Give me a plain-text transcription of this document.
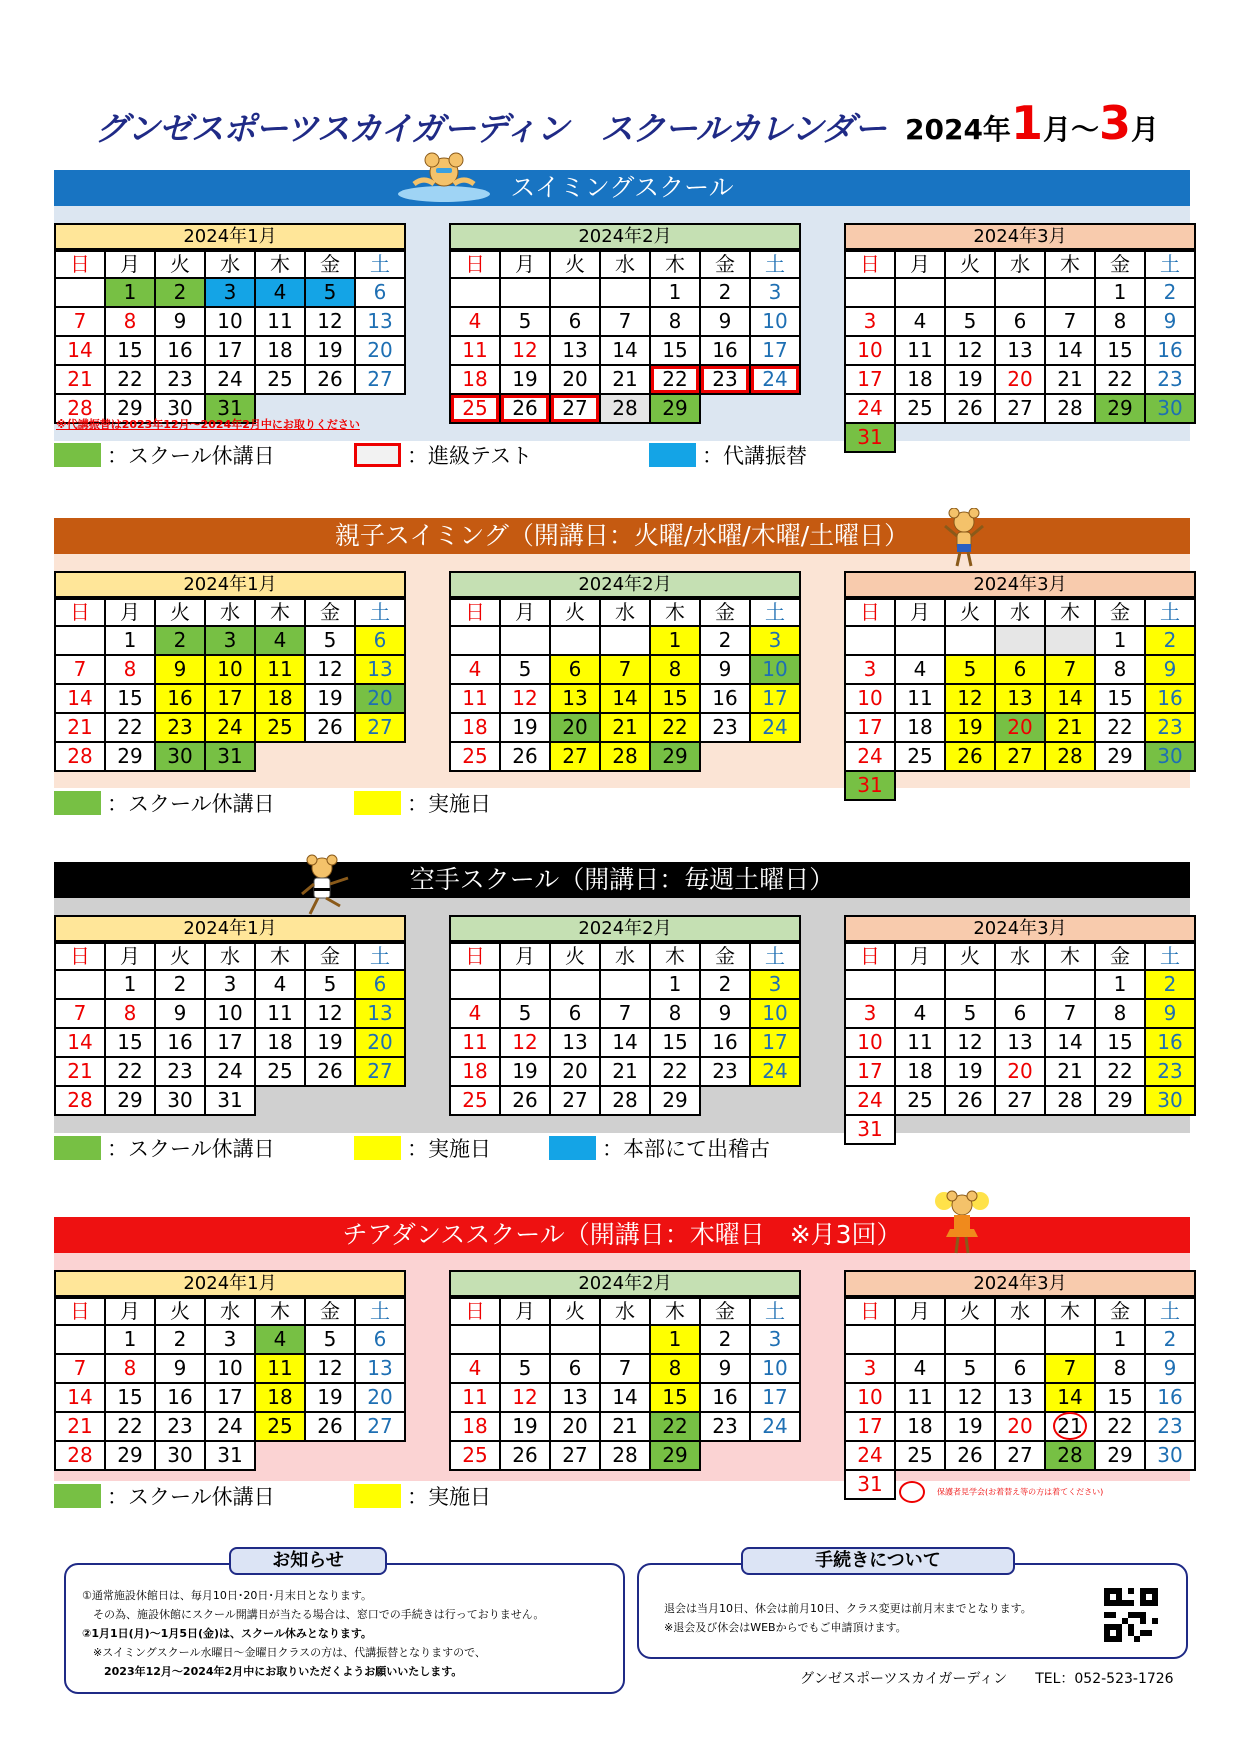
グンゼスポーツスカイガーディン　スクールカレンダー 2024年1月～3月
スイミングスクール
2024年1月
日	月	火	水	木	金	土
	1	2	3	4	5	6
7	8	9	10	11	12	13
14	15	16	17	18	19	20
21	22	23	24	25	26	27
28	29	30	31			
2024年2月
日	月	火	水	木	金	土
				1	2	3
4	5	6	7	8	9	10
11	12	13	14	15	16	17
18	19	20	21	22	23	24
25	26	27	28	29		
2024年3月
日	月	火	水	木	金	土
					1	2
3	4	5	6	7	8	9
10	11	12	13	14	15	16
17	18	19	20	21	22	23
24	25	26	27	28	29	30
31						
※代講振替は2023年12月～2024年2月中にお取りください
：スクール休講日	：進級テスト	：代講振替
親子スイミング（開講日：火曜/水曜/木曜/土曜日）
2024年1月
日	月	火	水	木	金	土
	1	2	3	4	5	6
7	8	9	10	11	12	13
14	15	16	17	18	19	20
21	22	23	24	25	26	27
28	29	30	31			
2024年2月
日	月	火	水	木	金	土
				1	2	3
4	5	6	7	8	9	10
11	12	13	14	15	16	17
18	19	20	21	22	23	24
25	26	27	28	29		
2024年3月
日	月	火	水	木	金	土
					1	2
3	4	5	6	7	8	9
10	11	12	13	14	15	16
17	18	19	20	21	22	23
24	25	26	27	28	29	30
31						
：スクール休講日	：実施日
空手スクール（開講日：毎週土曜日）
2024年1月
日	月	火	水	木	金	土
	1	2	3	4	5	6
7	8	9	10	11	12	13
14	15	16	17	18	19	20
21	22	23	24	25	26	27
28	29	30	31			
2024年2月
日	月	火	水	木	金	土
				1	2	3
4	5	6	7	8	9	10
11	12	13	14	15	16	17
18	19	20	21	22	23	24
25	26	27	28	29		
2024年3月
日	月	火	水	木	金	土
					1	2
3	4	5	6	7	8	9
10	11	12	13	14	15	16
17	18	19	20	21	22	23
24	25	26	27	28	29	30
31						
：スクール休講日	：実施日	：本部にて出稽古
チアダンススクール（開講日：木曜日　※月3回）
2024年1月
日	月	火	水	木	金	土
	1	2	3	4	5	6
7	8	9	10	11	12	13
14	15	16	17	18	19	20
21	22	23	24	25	26	27
28	29	30	31			
2024年2月
日	月	火	水	木	金	土
				1	2	3
4	5	6	7	8	9	10
11	12	13	14	15	16	17
18	19	20	21	22	23	24
25	26	27	28	29		
2024年3月
日	月	火	水	木	金	土
					1	2
3	4	5	6	7	8	9
10	11	12	13	14	15	16
17	18	19	20	21	22	23
24	25	26	27	28	29	30
31							保護者見学会(お着替え等の方は着てください)
：スクール休講日	：実施日
お知らせ
①通常施設休館日は、毎月10日･20日･月末日となります。
　その為、施設休館にスクール開講日が当たる場合は、窓口での手続きは行っておりません。
②1月1日(月)～1月5日(金)は、スクール休みとなります。
　※スイミングスクール水曜日～金曜日クラスの方は、代講振替となりますので、
　　2023年12月～2024年2月中にお取りいただくようお願いいたします。
手続きについて
退会は当月10日、休会は前月10日、クラス変更は前月末までとなります。
※退会及び休会はWEBからでもご申請頂けます。
グンゼスポーツスカイガーディン　　TEL：052-523-1726
